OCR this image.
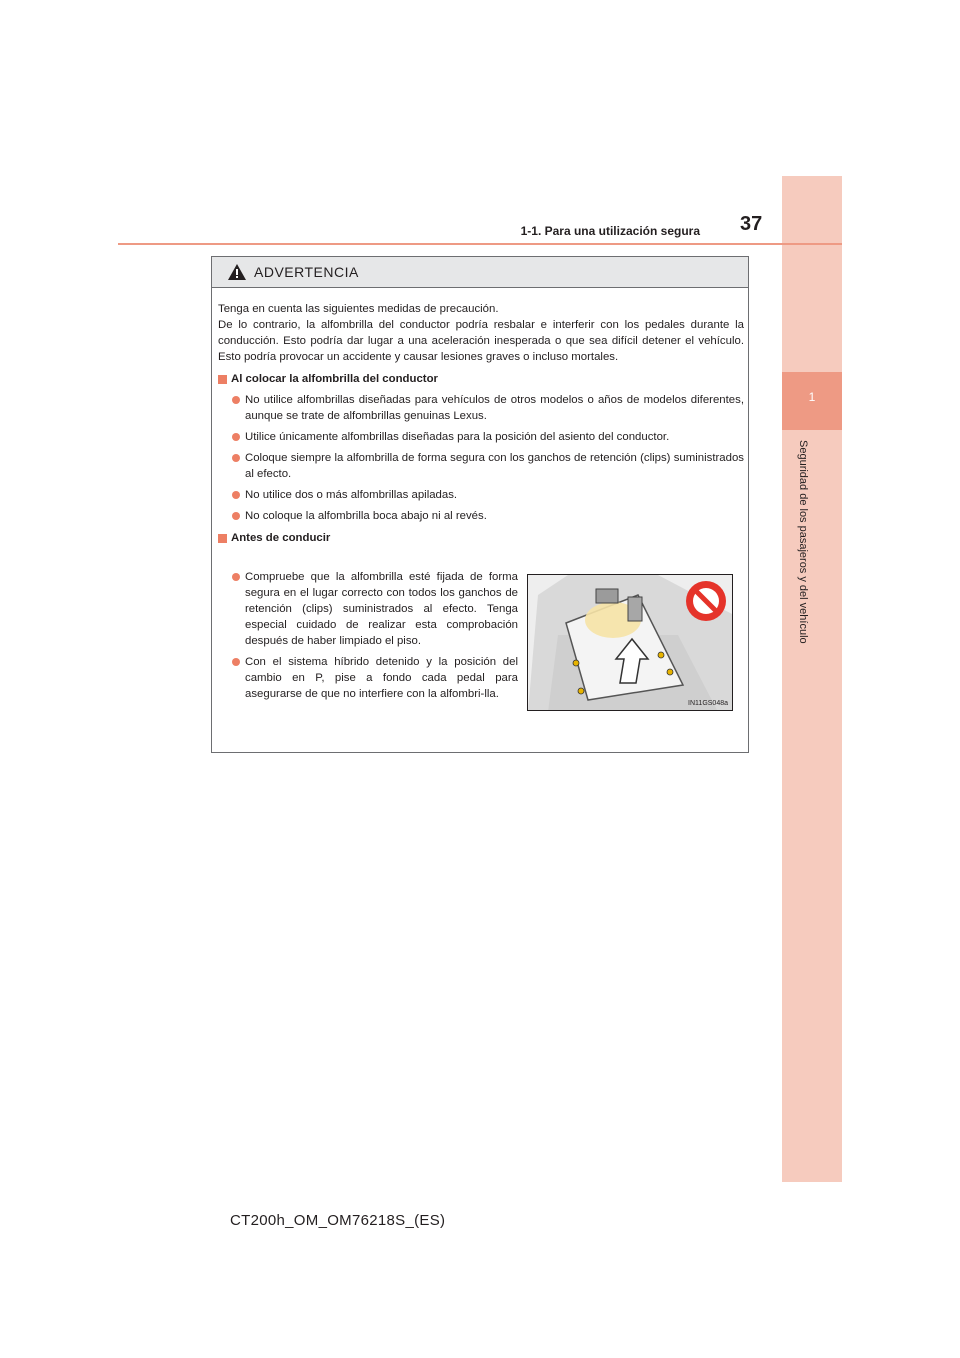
1
Seguridad de los pasajeros y del vehículo
1-1. Para una utilización segura 37
ADVERTENCIA

Tenga en cuenta las siguientes medidas de precaución.

De lo contrario, la alfombrilla del conductor podría resbalar e interferir con los pedales durante la conducción. Esto podría dar lugar a una aceleración inesperada o que sea difícil detener el vehículo. Esto podría provocar un accidente y causar lesiones graves o incluso mortales.

Al colocar la alfombrilla del conductor
No utilice alfombrillas diseñadas para vehículos de otros modelos o años de modelos diferentes, aunque se trate de alfombrillas genuinas Lexus.
Utilice únicamente alfombrillas diseñadas para la posición del asiento del conductor.
Coloque siempre la alfombrilla de forma segura con los ganchos de retención (clips) suministrados al efecto.
No utilice dos o más alfombrillas apiladas.
No coloque la alfombrilla boca abajo ni al revés.
Antes de conducir
Compruebe que la alfombrilla esté fijada de forma segura en el lugar correcto con todos los ganchos de retención (clips) suministrados al efecto. Tenga especial cuidado de realizar esta comprobación después de haber limpiado el piso.
Con el sistema híbrido detenido y la posición del cambio en P, pise a fondo cada pedal para asegurarse de que no interfiere con la alfombri-lla.
IN11GS048a
CT200h_OM_OM76218S_(ES)
